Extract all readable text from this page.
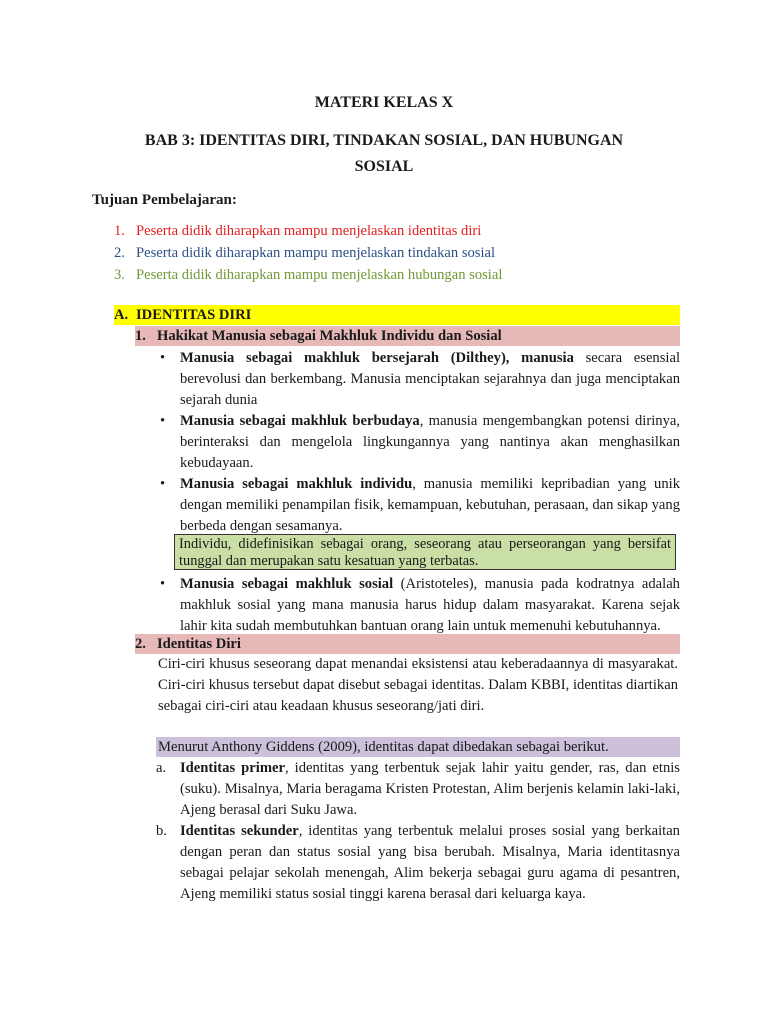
MATERI KELAS X
BAB 3: IDENTITAS DIRI, TINDAKAN SOSIAL, DAN HUBUNGAN
SOSIAL
Tujuan Pembelajaran:
1. Peserta didik diharapkan mampu menjelaskan identitas diri
2. Peserta didik diharapkan mampu menjelaskan tindakan sosial
3. Peserta didik diharapkan mampu menjelaskan hubungan sosial
A. IDENTITAS DIRI
1. Hakikat Manusia sebagai Makhluk Individu dan Sosial
• Manusia sebagai makhluk bersejarah (Dilthey), manusia secara esensial berevolusi dan berkembang. Manusia menciptakan sejarahnya dan juga menciptakan sejarah dunia
• Manusia sebagai makhluk berbudaya, manusia mengembangkan potensi dirinya, berinteraksi dan mengelola lingkungannya yang nantinya akan menghasilkan kebudayaan.
• Manusia sebagai makhluk individu, manusia memiliki kepribadian yang unik dengan memiliki penampilan fisik, kemampuan, kebutuhan, perasaan, dan sikap yang berbeda dengan sesamanya.
Individu, didefinisikan sebagai orang, seseorang atau perseorangan yang bersifat tunggal dan merupakan satu kesatuan yang terbatas.
• Manusia sebagai makhluk sosial (Aristoteles), manusia pada kodratnya adalah makhluk sosial yang mana manusia harus hidup dalam masyarakat. Karena sejak lahir kita sudah membutuhkan bantuan orang lain untuk memenuhi kebutuhannya.
2. Identitas Diri
Ciri-ciri khusus seseorang dapat menandai eksistensi atau keberadaannya di masyarakat. Ciri-ciri khusus tersebut dapat disebut sebagai identitas. Dalam KBBI, identitas diartikan sebagai ciri-ciri atau keadaan khusus seseorang/jati diri.
Menurut Anthony Giddens (2009), identitas dapat dibedakan sebagai berikut.
a. Identitas primer, identitas yang terbentuk sejak lahir yaitu gender, ras, dan etnis (suku). Misalnya, Maria beragama Kristen Protestan, Alim berjenis kelamin laki-laki, Ajeng berasal dari Suku Jawa.
b. Identitas sekunder, identitas yang terbentuk melalui proses sosial yang berkaitan dengan peran dan status sosial yang bisa berubah. Misalnya, Maria identitasnya sebagai pelajar sekolah menengah, Alim bekerja sebagai guru agama di pesantren, Ajeng memiliki status sosial tinggi karena berasal dari keluarga kaya.
